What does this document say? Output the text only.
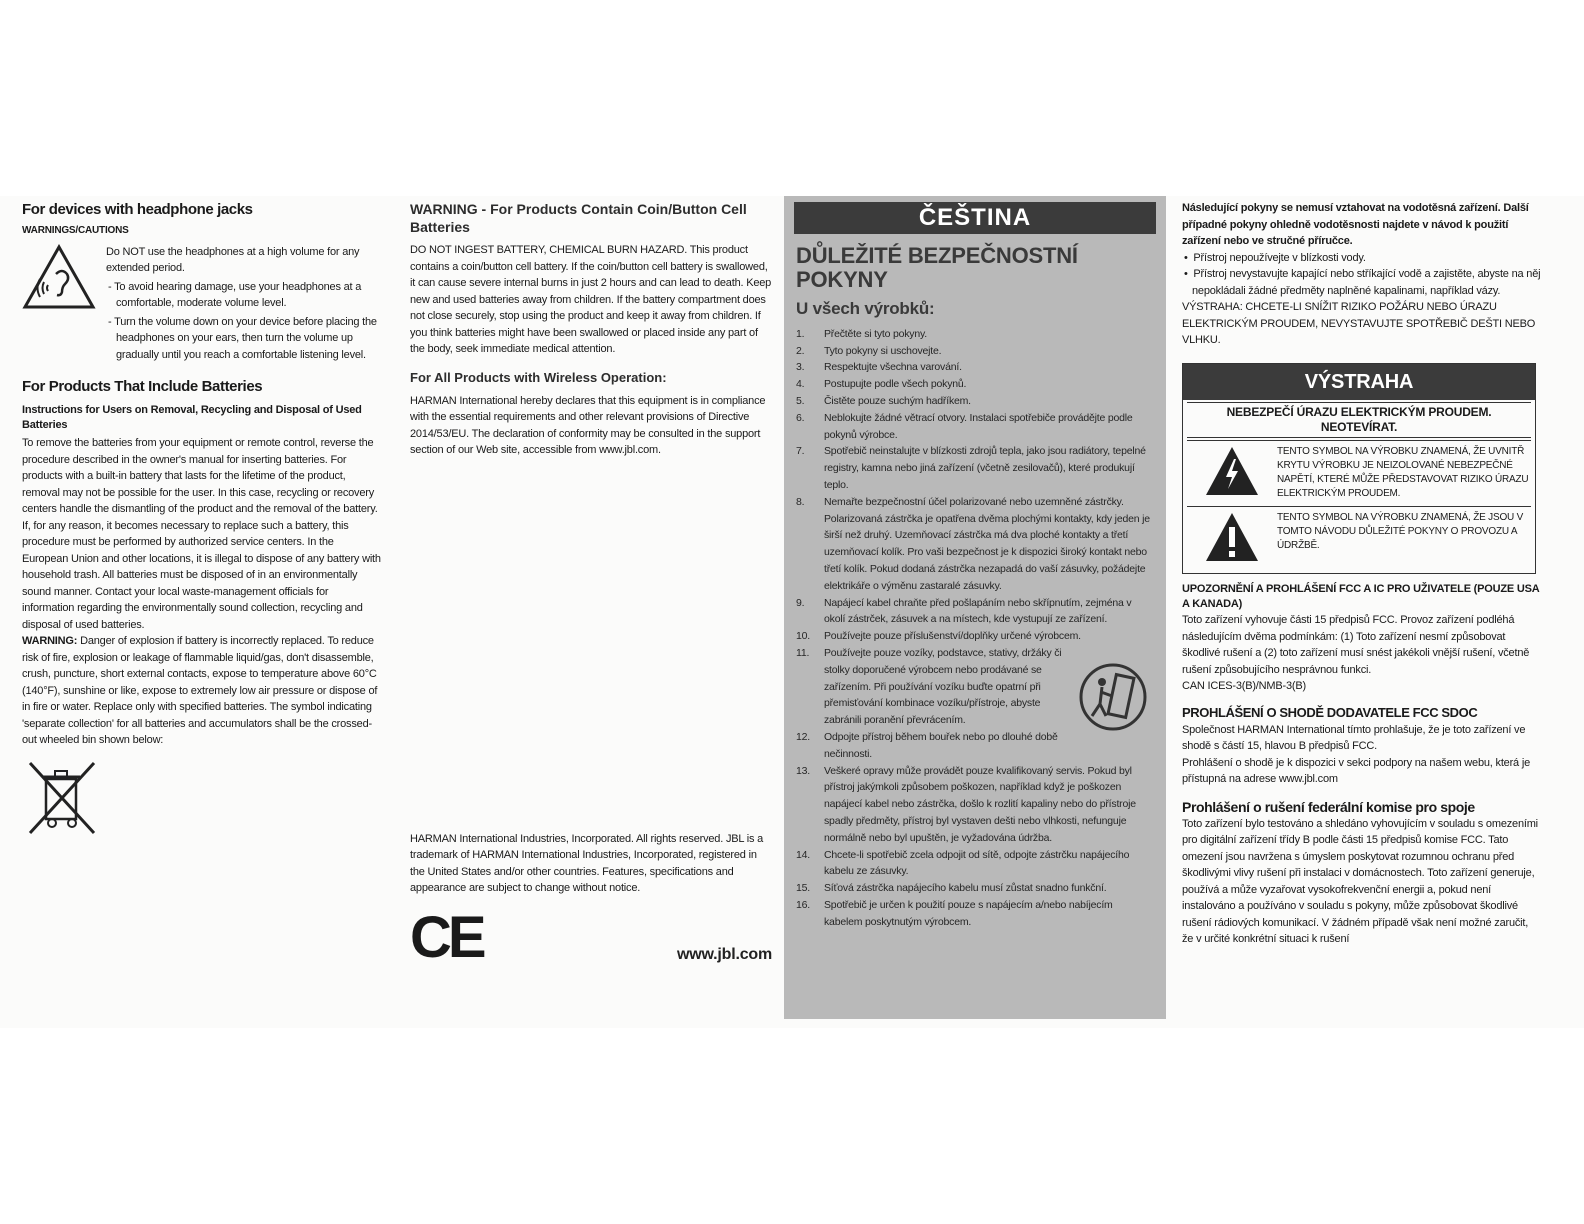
For devices with headphone jacks
WARNINGS/CAUTIONS

Do NOT use the headphones at a high volume for any extended period.

- To avoid hearing damage, use your headphones at a comfortable, moderate volume level.

- Turn the volume down on your device before placing the headphones on your ears, then turn the volume up gradually until you reach a comfortable listening level.

For Products That Include Batteries
Instructions for Users on Removal, Recycling and Disposal of Used Batteries

To remove the batteries from your equipment or remote control, reverse the procedure described in the owner's manual for inserting batteries. For products with a built-in battery that lasts for the lifetime of the product, removal may not be possible for the user. In this case, recycling or recovery centers handle the dismantling of the product and the removal of the battery. If, for any reason, it becomes necessary to replace such a battery, this procedure must be performed by authorized service centers. In the European Union and other locations, it is illegal to dispose of any battery with household trash. All batteries must be disposed of in an environmentally sound manner. Contact your local waste-management officials for information regarding the environmentally sound collection, recycling and disposal of used batteries.

WARNING: Danger of explosion if battery is incorrectly replaced. To reduce risk of fire, explosion or leakage of flammable liquid/gas, don't disassemble, crush, puncture, short external contacts, expose to temperature above 60°C (140°F), sunshine or like, expose to extremely low air pressure or dispose of in fire or water. Replace only with specified batteries. The symbol indicating 'separate collection' for all batteries and accumulators shall be the crossed-out wheeled bin shown below:

WARNING - For Products Contain Coin/Button Cell Batteries

DO NOT INGEST BATTERY, CHEMICAL BURN HAZARD. This product contains a coin/button cell battery. If the coin/button cell battery is swallowed, it can cause severe internal burns in just 2 hours and can lead to death. Keep new and used batteries away from children. If the battery compartment does not close securely, stop using the product and keep it away from children. If you think batteries might have been swallowed or placed inside any part of the body, seek immediate medical attention.

For All Products with Wireless Operation:

HARMAN International hereby declares that this equipment is in compliance with the essential requirements and other relevant provisions of Directive 2014/53/EU. The declaration of conformity may be consulted in the support section of our Web site, accessible from www.jbl.com.

HARMAN International Industries, Incorporated. All rights reserved. JBL is a trademark of HARMAN International Industries, Incorporated, registered in the United States and/or other countries. Features, specifications and appearance are subject to change without notice.

CE	www.jbl.com
ČEŠTINA
DŮLEŽITÉ BEZPEČNOSTNÍ POKYNY
U všech výrobků:
1.	Přečtěte si tyto pokyny.
2.	Tyto pokyny si uschovejte.
3.	Respektujte všechna varování.
4.	Postupujte podle všech pokynů.
5.	Čistěte pouze suchým hadříkem.
6.	Neblokujte žádné větrací otvory. Instalaci spotřebiče provádějte podle pokynů výrobce.
7.	Spotřebič neinstalujte v blízkosti zdrojů tepla, jako jsou radiátory, tepelné registry, kamna nebo jiná zařízení (včetně zesilovačů), které produkují teplo.
8.	Nemařte bezpečnostní účel polarizované nebo uzemněné zástrčky. Polarizovaná zástrčka je opatřena dvěma plochými kontakty, kdy jeden je širší než druhý. Uzemňovací zástrčka má dva ploché kontakty a třetí uzemňovací kolík. Pro vaši bezpečnost je k dispozici široký kontakt nebo třetí kolík. Pokud dodaná zástrčka nezapadá do vaší zásuvky, požádejte elektrikáře o výměnu zastaralé zásuvky.
9.	Napájecí kabel chraňte před pošlapáním nebo skřípnutím, zejména v okolí zástrček, zásuvek a na místech, kde vystupují ze zařízení.
10.	Používejte pouze příslušenství/doplňky určené výrobcem.
11.	Používejte pouze vozíky, podstavce, stativy, držáky či stolky doporučené výrobcem nebo prodávané se zařízením. Při používání vozíku buďte opatrní při přemisťování kombinace vozíku/přístroje, abyste zabránili poranění převrácením.
12.	Odpojte přístroj během bouřek nebo po dlouhé době nečinnosti.
13.	Veškeré opravy může provádět pouze kvalifikovaný servis. Pokud byl přístroj jakýmkoli způsobem poškozen, například když je poškozen napájecí kabel nebo zástrčka, došlo k rozlití kapaliny nebo do přístroje spadly předměty, přístroj byl vystaven dešti nebo vlhkosti, nefunguje normálně nebo byl upuštěn, je vyžadována údržba.
14.	Chcete-li spotřebič zcela odpojit od sítě, odpojte zástrčku napájecího kabelu ze zásuvky.
15.	Síťová zástrčka napájecího kabelu musí zůstat snadno funkční.
16.	Spotřebič je určen k použití pouze s napájecím a/nebo nabíjecím kabelem poskytnutým výrobcem.

Následující pokyny se nemusí vztahovat na vodotěsná zařízení. Další případné pokyny ohledně vodotěsnosti najdete v návod k použití zařízení nebo ve stručné příručce.

•  Přístroj nepoužívejte v blízkosti vody.

•  Přístroj nevystavujte kapající nebo stříkající vodě a zajistěte, abyste na něj nepokládali žádné předměty naplněné kapalinami, například vázy.

VÝSTRAHA: CHCETE-LI SNÍŽIT RIZIKO POŽÁRU NEBO ÚRAZU ELEKTRICKÝM PROUDEM, NEVYSTAVUJTE SPOTŘEBIČ DEŠTI NEBO VLHKU.

VÝSTRAHA
NEBEZPEČÍ ÚRAZU ELEKTRICKÝM PROUDEM. NEOTEVÍRAT.
TENTO SYMBOL NA VÝROBKU ZNAMENÁ, ŽE UVNITŘ KRYTU VÝROBKU JE NEIZOLOVANÉ NEBEZPEČNÉ NAPĚTÍ, KTERÉ MŮŽE PŘEDSTAVOVAT RIZIKO ÚRAZU ELEKTRICKÝM PROUDEM.
TENTO SYMBOL NA VÝROBKU ZNAMENÁ, ŽE JSOU V TOMTO NÁVODU DŮLEŽITÉ POKYNY O PROVOZU A ÚDRŽBĚ.
UPOZORNĚNÍ A PROHLÁŠENÍ FCC A IC PRO UŽIVATELE (POUZE USA A KANADA)

Toto zařízení vyhovuje části 15 předpisů FCC. Provoz zařízení podléhá následujícím dvěma podmínkám: (1) Toto zařízení nesmí způsobovat škodlivé rušení a (2) toto zařízení musí snést jakékoli vnější rušení, včetně rušení způsobujícího nesprávnou funkci.

CAN ICES-3(B)/NMB-3(B)

PROHLÁŠENÍ O SHODĚ DODAVATELE FCC SDOC

Společnost HARMAN International tímto prohlašuje, že je toto zařízení ve shodě s částí 15, hlavou B předpisů FCC.

Prohlášení o shodě je k dispozici v sekci podpory na našem webu, která je přístupná na adrese www.jbl.com

Prohlášení o rušení federální komise pro spoje

Toto zařízení bylo testováno a shledáno vyhovujícím v souladu s omezeními pro digitální zařízení třídy B podle části 15 předpisů komise FCC. Tato omezení jsou navržena s úmyslem poskytovat rozumnou ochranu před škodlivými vlivy rušení při instalaci v domácnostech. Toto zařízení generuje, používá a může vyzařovat vysokofrekvenční energii a, pokud není instalováno a používáno v souladu s pokyny, může způsobovat škodlivé rušení rádiových komunikací. V žádném případě však není možné zaručit, že v určité konkrétní situaci k rušení
